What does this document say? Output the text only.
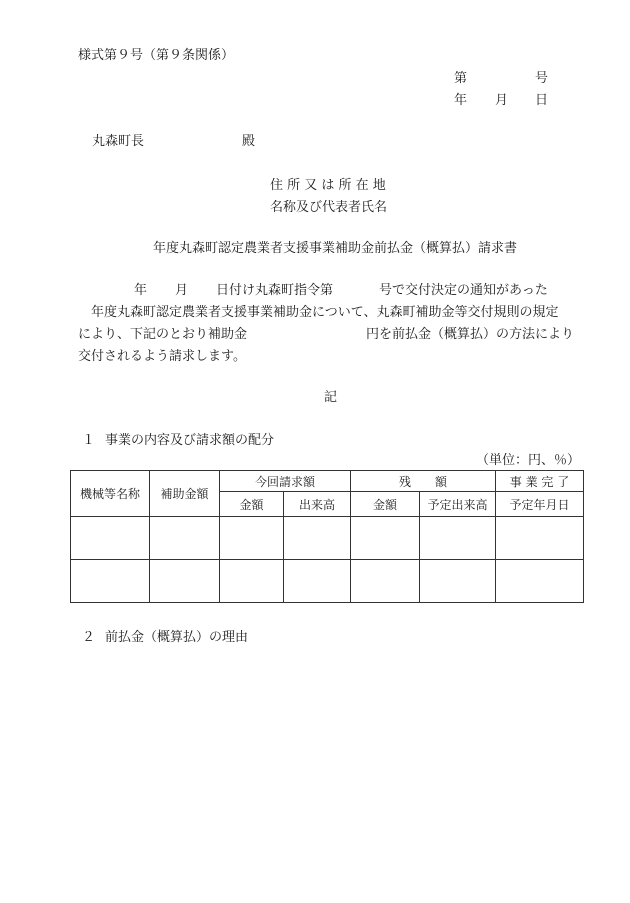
様式第９号（第９条関係）
第	号
年 月 日
丸森町長	殿
住 所 又 は 所 在 地
名称及び代表者氏名
年度丸森町認定農業者支援事業補助金前払金（概算払）請求書
年 月 日付け丸森町指令第	号で交付決定の通知があった
年度丸森町認定農業者支援事業補助金について、丸森町補助金等交付規則の規定
により、下記のとおり補助金	円を前払金（概算払）の方法により
交付されるよう請求します。
記
１ 事業の内容及び請求額の配分
（単位：円、％）
機械等名称	補助金額	今回請求額		残　　額		事 業 完 了
		金額	出来高	金額	予定出来高	予定年月日

２ 前払金（概算払）の理由
